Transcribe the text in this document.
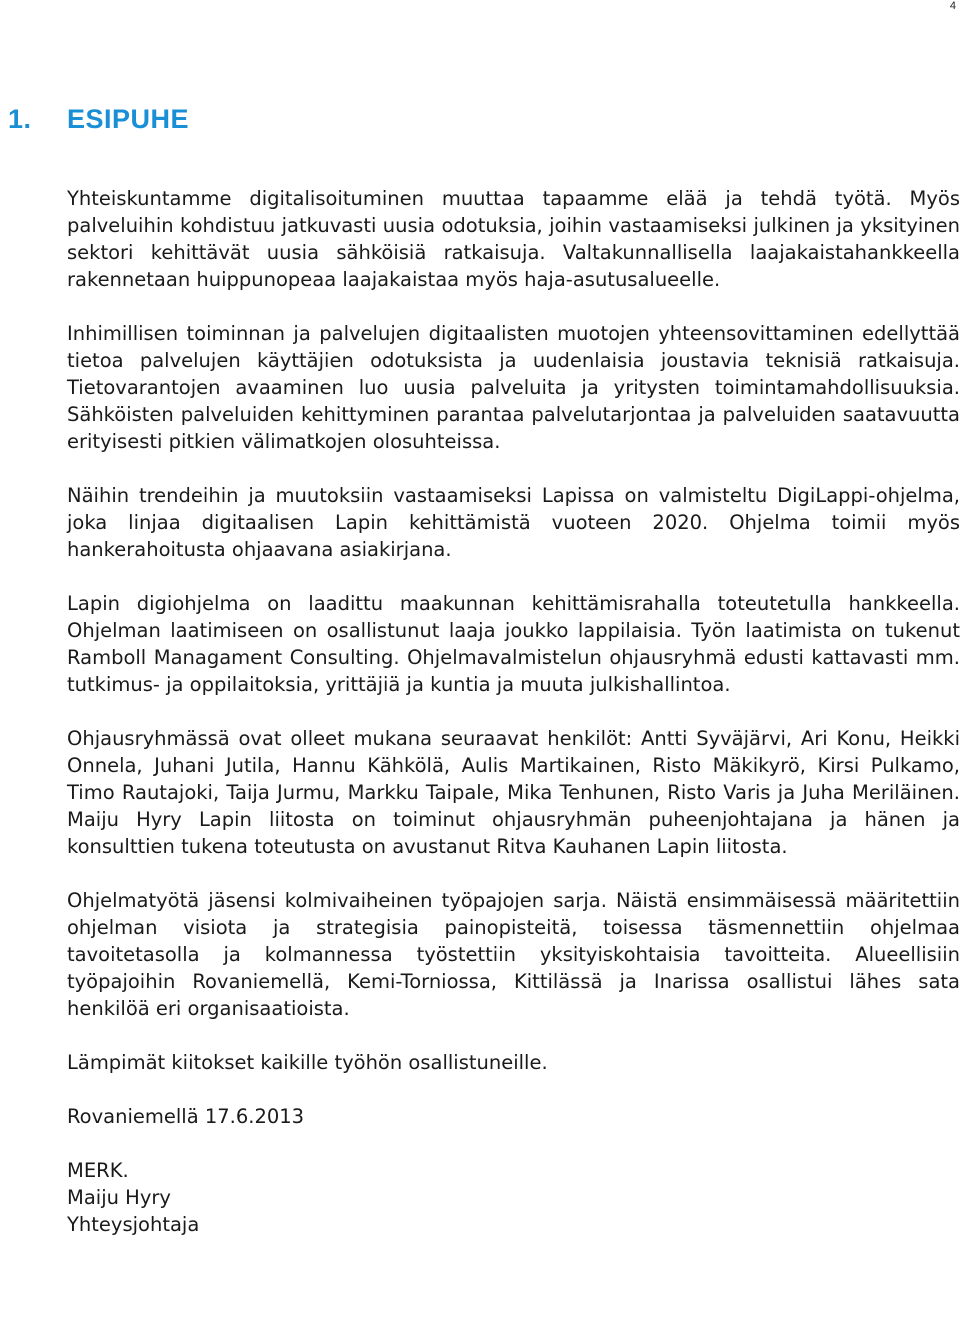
4
1. ESIPUHE

Yhteiskuntamme digitalisoituminen muuttaa tapaamme elää ja tehdä työtä. Myös palveluihin kohdistuu jatkuvasti uusia odotuksia, joihin vastaamiseksi julkinen ja yksityinen sektori kehittävät uusia sähköisiä ratkaisuja. Valtakunnallisella laajakaistahankkeella rakennetaan huippunopeaa laajakaistaa myös haja-asutusalueelle.

Inhimillisen toiminnan ja palvelujen digitaalisten muotojen yhteensovittaminen edellyttää tietoa palvelujen käyttäjien odotuksista ja uudenlaisia joustavia teknisiä ratkaisuja. Tietovarantojen avaaminen luo uusia palveluita ja yritysten toimintamahdollisuuksia. Sähköisten palveluiden kehittyminen parantaa palvelutarjontaa ja palveluiden saatavuutta erityisesti pitkien välimatkojen olosuhteissa.

Näihin trendeihin ja muutoksiin vastaamiseksi Lapissa on valmisteltu DigiLappi-ohjelma, joka linjaa digitaalisen Lapin kehittämistä vuoteen 2020. Ohjelma toimii myös hankerahoitusta ohjaavana asiakirjana.

Lapin digiohjelma on laadittu maakunnan kehittämisrahalla toteutetulla hankkeella. Ohjelman laatimiseen on osallistunut laaja joukko lappilaisia. Työn laatimista on tukenut Ramboll Managament Consulting. Ohjelmavalmistelun ohjausryhmä edusti kattavasti mm. tutkimus- ja oppilaitoksia, yrittäjiä ja kuntia ja muuta julkishallintoa.

Ohjausryhmässä ovat olleet mukana seuraavat henkilöt: Antti Syväjärvi, Ari Konu, Heikki Onnela, Juhani Jutila, Hannu Kähkölä, Aulis Martikainen, Risto Mäkikyrö, Kirsi Pulkamo, Timo Rautajoki, Taija Jurmu, Markku Taipale, Mika Tenhunen, Risto Varis ja Juha Meriläinen. Maiju Hyry Lapin liitosta on toiminut ohjausryhmän puheenjohtajana ja hänen ja konsulttien tukena toteutusta on avustanut Ritva Kauhanen Lapin liitosta.

Ohjelmatyötä jäsensi kolmivaiheinen työpajojen sarja. Näistä ensimmäisessä määritettiin ohjelman visiota ja strategisia painopisteitä, toisessa täsmennettiin ohjelmaa tavoitetasolla ja kolmannessa työstettiin yksityiskohtaisia tavoitteita. Alueellisiin työpajoihin Rovaniemellä, Kemi-Torniossa, Kittilässä ja Inarissa osallistui lähes sata henkilöä eri organisaatioista.

Lämpimät kiitokset kaikille työhön osallistuneille.

Rovaniemellä 17.6.2013

MERK.
Maiju Hyry
Yhteysjohtaja
